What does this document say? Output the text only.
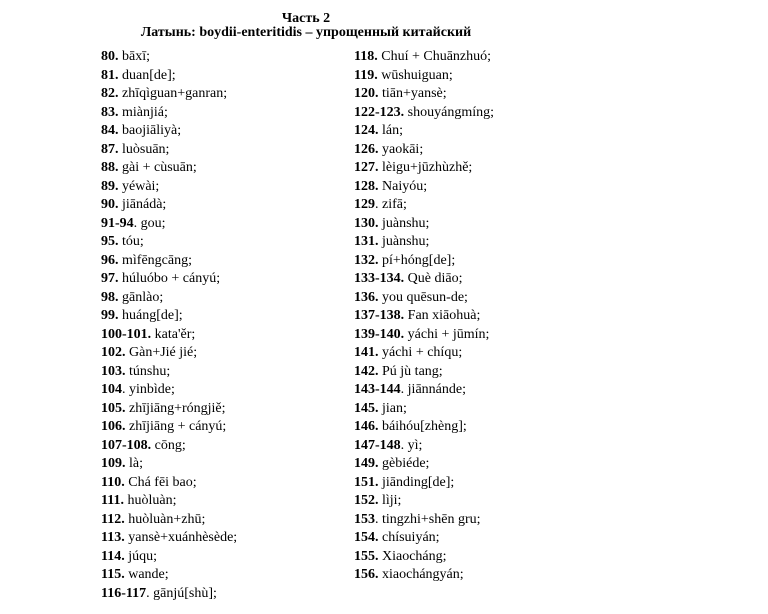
Часть 2
Латынь: boydii-enteritidis – упрощенный китайский
80. bāxī;
81. duan[de];
82. zhīqìguan+ganran;
83. miànjiá;
84. baojiāliyà;
87. luòsuān;
88. gài + cùsuān;
89. yéwài;
90. jiānádà;
91-94. gou;
95. tóu;
96. mìfēngcāng;
97. húluóbo + cányú;
98. gānlào;
99. huáng[de];
100-101. kata'ěr;
102. Gàn+Jié jié;
103. túnshu;
104. yinbìde;
105. zhījiāng+róngjiě;
106. zhījiāng + cányú;
107-108. cōng;
109. là;
110. Chá fēi bao;
111. huòluàn;
112. huòluàn+zhū;
113. yansè+xuánhèsède;
114. júqu;
115. wande;
116-117. gānjú[shù];
118. Chuí + Chuānzhuó;
119. wūshuiguan;
120. tiān+yansè;
122-123. shouyángmíng;
124. lán;
126. yaokāi;
127. lèigu+jūzhùzhě;
128. Naiyóu;
129. zifā;
130. juànshu;
131. juànshu;
132. pí+hóng[de];
133-134. Què diāo;
136. you quēsun-de;
137-138. Fan xiāohuà;
139-140. yáchi + jūmín;
141. yáchi + chíqu;
142. Pú jù tang;
143-144. jiānnánde;
145. jian;
146. báihóu[zhèng];
147-148. yì;
149. gèbiéde;
151. jiānding[de];
152. lìji;
153. tingzhi+shēn gru;
154. chísuiyán;
155. Xiaocháng;
156. xiaochángyán;
